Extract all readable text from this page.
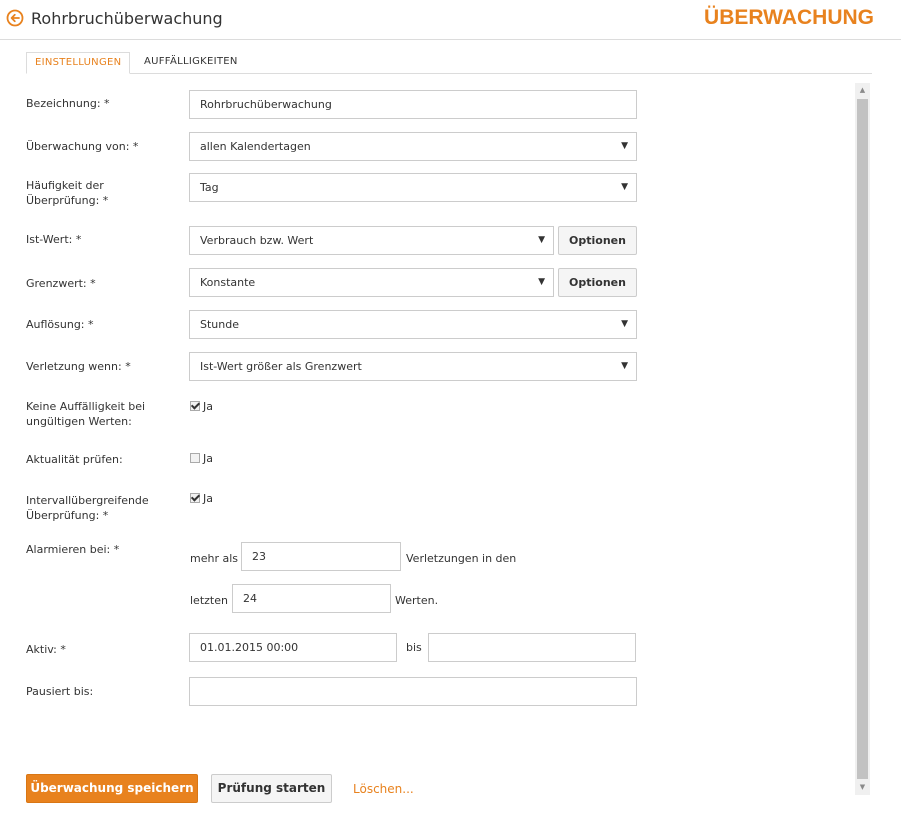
Rohrbruchüberwachung	ÜBERWACHUNG
EINSTELLUNGEN	AUFFÄLLIGKEITEN
▲
▼
Bezeichnung: *	Rohrbruchüberwachung
Überwachung von: *	allen Kalendertagen	▼
Häufigkeit der
Überprüfung: *
Tag	▼
Ist-Wert: *	Verbrauch bzw. Wert	▼	Optionen
Grenzwert: *	Konstante	▼	Optionen
Auflösung: *	Stunde	▼
Verletzung wenn: *	Ist-Wert größer als Grenzwert	▼
Keine Auffälligkeit bei
ungültigen Werten:
Ja
Aktualität prüfen:	Ja
Intervallübergreifende
Überprüfung: *
Ja
Alarmieren bei: *
mehr als	23	Verletzungen in den
letzten	24	Werten.
Aktiv: *	01.01.2015 00:00	bis
Pausiert bis:
Überwachung speichern	Prüfung starten	Löschen...
